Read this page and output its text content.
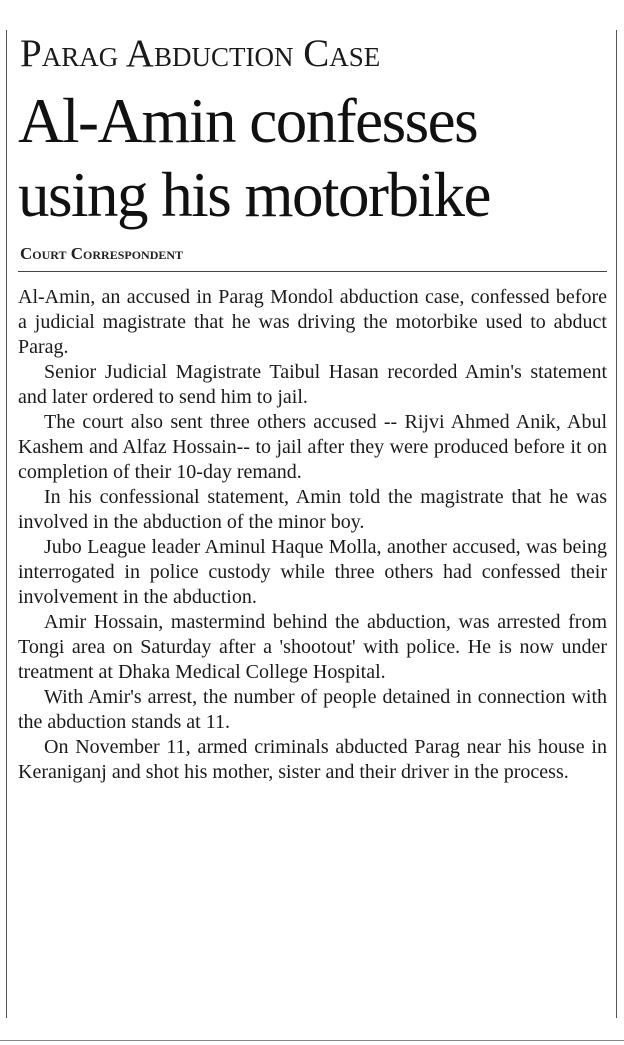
Parag Abduction Case
Al-Amin confesses using his motorbike
Court Correspondent

Al-Amin, an accused in Parag Mondol abduction case, confessed before a judicial magistrate that he was driving the motorbike used to abduct Parag.

Senior Judicial Magistrate Taibul Hasan recorded Amin's statement and later ordered to send him to jail.

The court also sent three others accused -- Rijvi Ahmed Anik, Abul Kashem and Alfaz Hossain-- to jail after they were produced before it on completion of their 10-day remand.

In his confessional statement, Amin told the magistrate that he was involved in the abduction of the minor boy.

Jubo League leader Aminul Haque Molla, another accused, was being interrogated in police custody while three others had confessed their involvement in the abduction.

Amir Hossain, mastermind behind the abduction, was arrested from Tongi area on Saturday after a 'shootout' with police. He is now under treatment at Dhaka Medical College Hospital.

With Amir's arrest, the number of people detained in connection with the abduction stands at 11.

On November 11, armed criminals abducted Parag near his house in Keraniganj and shot his mother, sister and their driver in the process.
